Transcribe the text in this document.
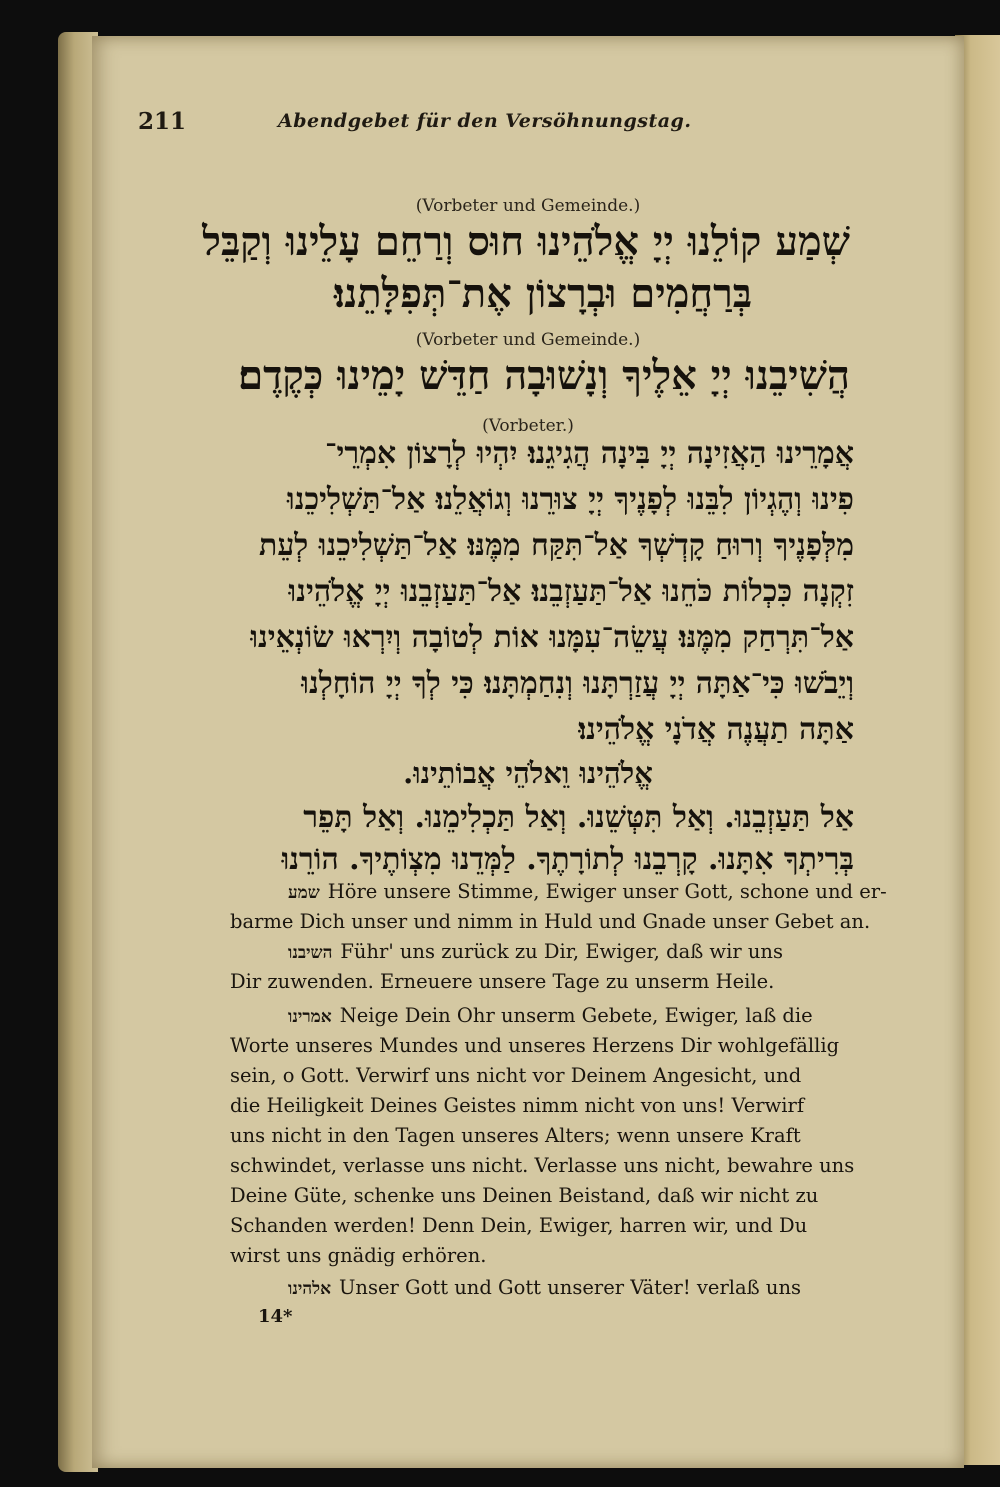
211	Abendgebet für den Versöhnungstag.
(Vorbeter und Gemeinde.)
שְׁמַע קוֹלֵנוּ יְיָ אֱלֹהֵינוּ חוּס וְרַחֵם עָלֵינוּ וְקַבֵּל
בְּרַחֲמִים וּבְרָצוֹן אֶת־תְּפִלָּתֵנוּ׃
(Vorbeter und Gemeinde.)
הֲשִׁיבֵנוּ יְיָ אֵלֶיךָ וְנָשׁוּבָה חַדֵּשׁ יָמֵינוּ כְּקֶדֶם׃
(Vorbeter.)
אֲמָרֵינוּ הַאֲזִינָה יְיָ בִּינָה הֲגִיגֵנוּ׃ יִהְיוּ לְרָצוֹן אִמְרֵי־
פִינוּ וְהֶגְיוֹן לִבֵּנוּ לְפָנֶיךָ יְיָ צוּרֵנוּ וְגוֹאֲלֵנוּ׃ אַל־תַּשְׁלִיכֵנוּ
מִלְּפָנֶיךָ וְרוּחַ קָדְשְׁךָ אַל־תִּקַּח מִמֶּנּוּ׃ אַל־תַּשְׁלִיכֵנוּ לְעֵת
זִקְנָה כִּכְלוֹת כֹּחֵנוּ אַל־תַּעַזְבֵנוּ׃ אַל־תַּעַזְבֵנוּ יְיָ אֱלֹהֵינוּ
אַל־תִּרְחַק מִמֶּנּוּ׃ עֲשֵׂה־עִמָּנוּ אוֹת לְטוֹבָה וְיִרְאוּ שׂוֹנְאֵינוּ
וְיֵבֹשׁוּ כִּי־אַתָּה יְיָ עֲזַרְתָּנוּ וְנִחַמְתָּנוּ׃ כִּי לְךָ יְיָ הוֹחָלְנוּ
אַתָּה תַעֲנֶה אֲדֹנָי אֱלֹהֵינוּ׃
אֱלֹהֵינוּ וֵאלֹהֵי אֲבוֹתֵינוּ.
אַל תַּעַזְבֵנוּ. וְאַל תִּטְּשֵׁנוּ. וְאַל תַּכְלִימֵנוּ. וְאַל תָּפֵר
בְּרִיתְךָ אִתָּנוּ. קָרְבֵנוּ לְתוֹרָתֶךָ. לַמְּדֵנוּ מִצְוֹתֶיךָ. הוֹרֵנוּ
שמע Höre unsere Stimme, Ewiger unser Gott, schone und er-
barme Dich unser und nimm in Huld und Gnade unser Gebet an.
השיבנו Führ' uns zurück zu Dir, Ewiger, daß wir uns
Dir zuwenden. Erneuere unsere Tage zu unserm Heile.
אמרינו Neige Dein Ohr unserm Gebete, Ewiger, laß die
Worte unseres Mundes und unseres Herzens Dir wohlgefällig
sein, o Gott. Verwirf uns nicht vor Deinem Angesicht, und
die Heiligkeit Deines Geistes nimm nicht von uns! Verwirf
uns nicht in den Tagen unseres Alters; wenn unsere Kraft
schwindet, verlasse uns nicht. Verlasse uns nicht, bewahre uns
Deine Güte, schenke uns Deinen Beistand, daß wir nicht zu
Schanden werden! Denn Dein, Ewiger, harren wir, und Du
wirst uns gnädig erhören.
אלהינו Unser Gott und Gott unserer Väter! verlaß uns
14*
